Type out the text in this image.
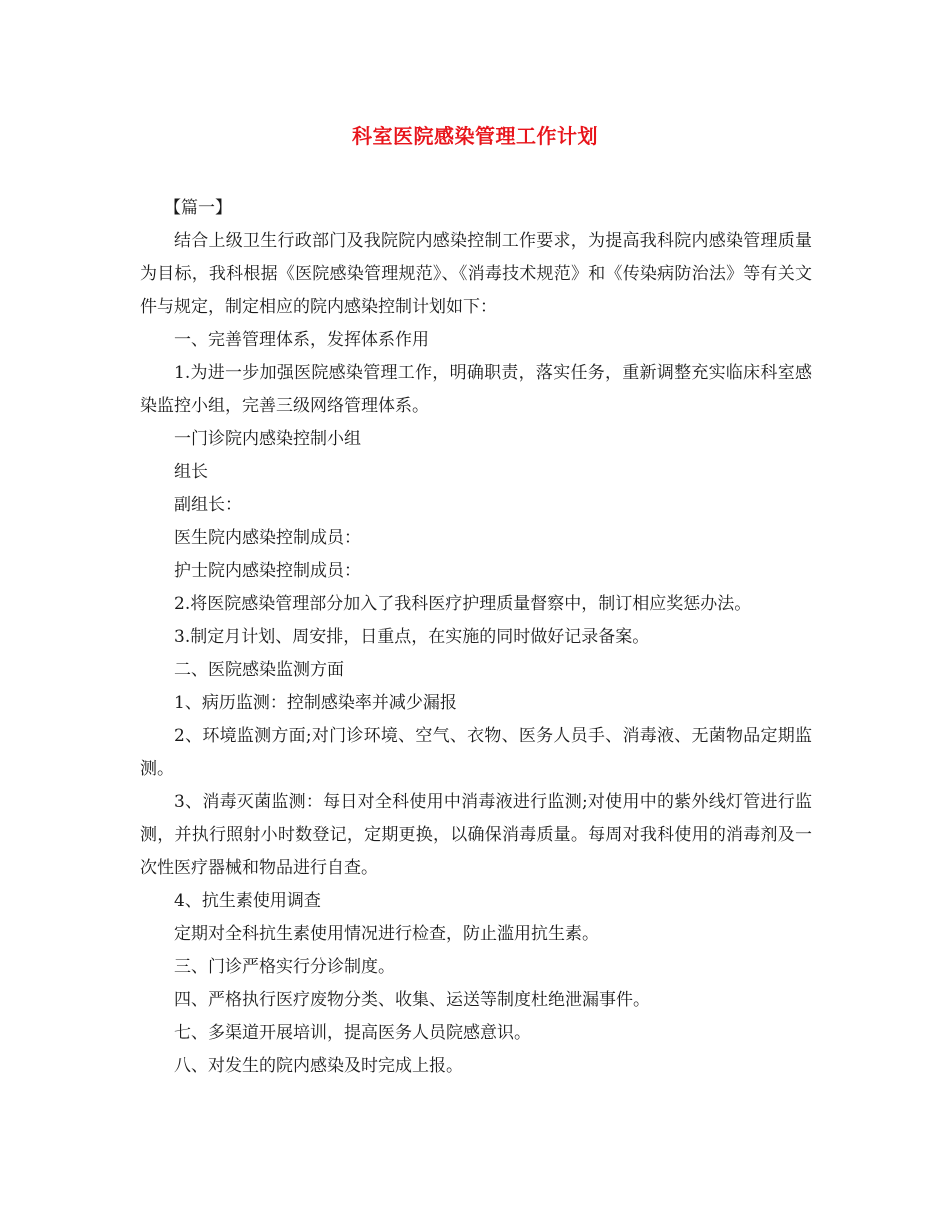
科室医院感染管理工作计划

【篇一】

结合上级卫生行政部门及我院院内感染控制工作要求，为提高我科院内感染管理质量为目标，我科根据《医院感染管理规范》、《消毒技术规范》和《传染病防治法》等有关文件与规定，制定相应的院内感染控制计划如下：

一、完善管理体系，发挥体系作用

1.为进一步加强医院感染管理工作，明确职责，落实任务，重新调整充实临床科室感染监控小组，完善三级网络管理体系。

一门诊院内感染控制小组

组长

副组长：

医生院内感染控制成员：

护士院内感染控制成员：

2.将医院感染管理部分加入了我科医疗护理质量督察中，制订相应奖惩办法。

3.制定月计划、周安排，日重点，在实施的同时做好记录备案。

二、医院感染监测方面

1、病历监测：控制感染率并减少漏报

2、环境监测方面;对门诊环境、空气、衣物、医务人员手、消毒液、无菌物品定期监测。

3、消毒灭菌监测：每日对全科使用中消毒液进行监测;对使用中的紫外线灯管进行监测，并执行照射小时数登记，定期更换，以确保消毒质量。每周对我科使用的消毒剂及一次性医疗器械和物品进行自查。

4、抗生素使用调查

定期对全科抗生素使用情况进行检查，防止滥用抗生素。

三、门诊严格实行分诊制度。

四、严格执行医疗废物分类、收集、运送等制度杜绝泄漏事件。

七、多渠道开展培训，提高医务人员院感意识。

八、对发生的院内感染及时完成上报。
